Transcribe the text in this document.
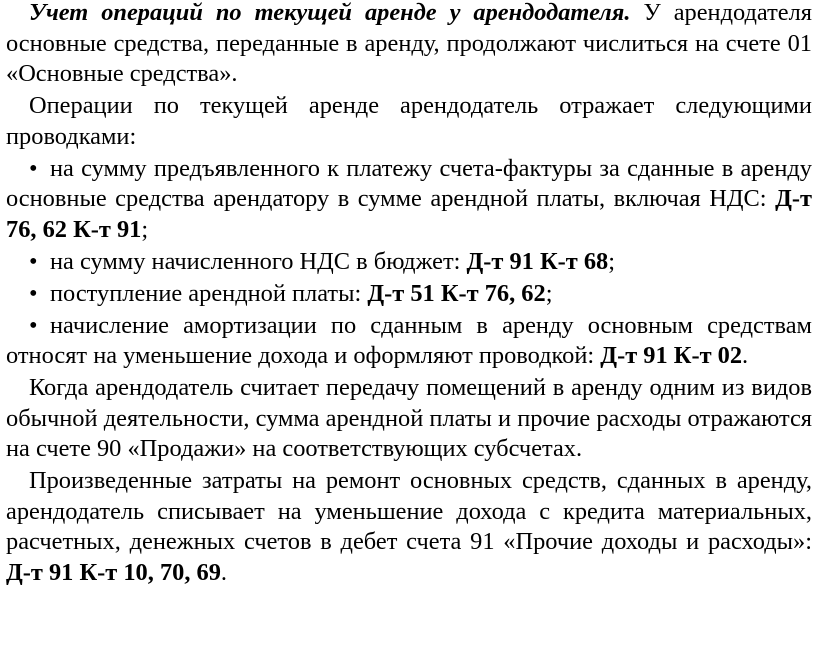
Учет операций по текущей аренде у арендодателя. У арендодателя основные средства, переданные в аренду, продолжают числиться на счете 01 «Основные средства».

Операции по текущей аренде арендодатель отражает следующими проводками:

• на сумму предъявленного к платежу счета-фактуры за сданные в аренду основные средства арендатору в сумме арендной платы, включая НДС: Д-т 76, 62 К-т 91;

• на сумму начисленного НДС в бюджет: Д-т 91 К-т 68;

• поступление арендной платы: Д-т 51 К-т 76, 62;

• начисление амортизации по сданным в аренду основным средствам относят на уменьшение дохода и оформляют проводкой: Д-т 91 К-т 02.

Когда арендодатель считает передачу помещений в аренду одним из видов обычной деятельности, сумма арендной платы и прочие расходы отражаются на счете 90 «Продажи» на соответствующих субсчетах.

Произведенные затраты на ремонт основных средств, сданных в аренду, арендодатель списывает на уменьшение дохода с кредита материальных, расчетных, денежных счетов в дебет счета 91 «Прочие доходы и расходы»: Д-т 91 К-т 10, 70, 69.
